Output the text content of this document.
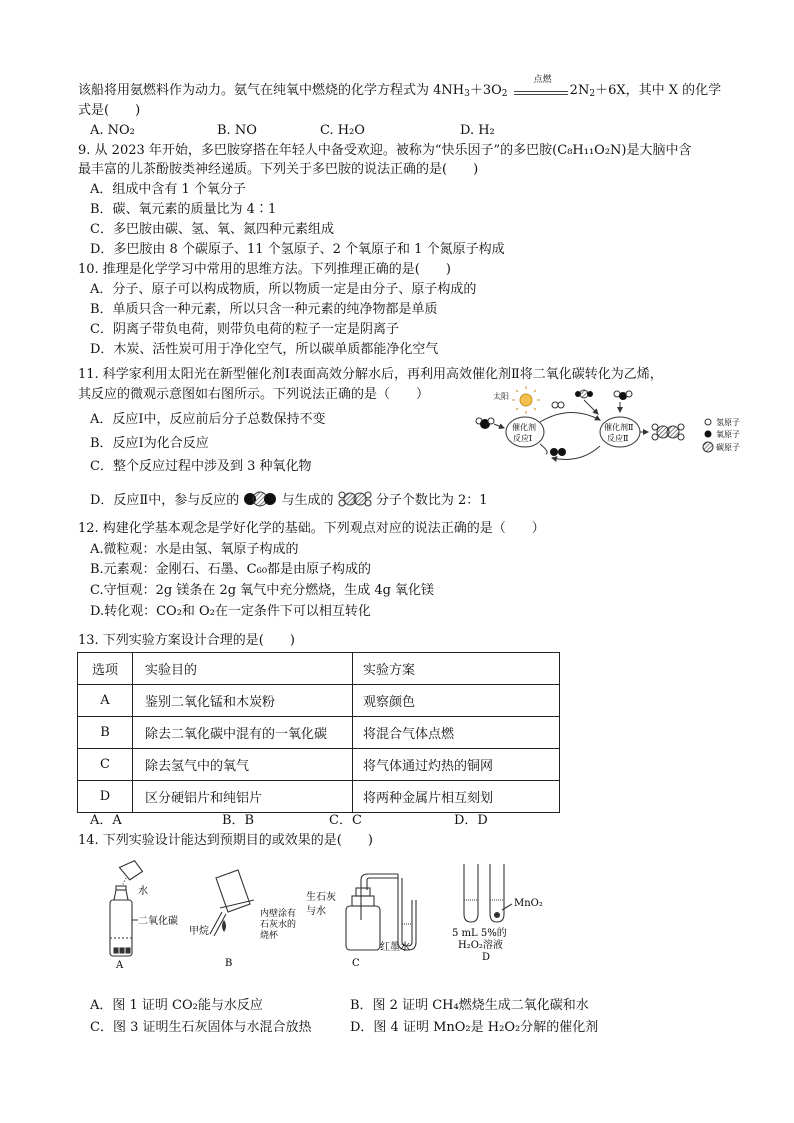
该船将用氨燃料作为动力。氨气在纯氧中燃烧的化学方程式为 $4NH_3+3O_2$
点燃
$2N_2+6X$，其中 X 的化学
式是(　　)
A. NO₂	B. NO	C. H₂O	D. H₂
9. 从 2023 年开始，多巴胺穿搭在年轻人中备受欢迎。被称为“快乐因子”的多巴胺(C₈H₁₁O₂N)是大脑中含
最丰富的儿茶酚胺类神经递质。下列关于多巴胺的说法正确的是(　　)
A．组成中含有 1 个氧分子
B．碳、氧元素的质量比为 4∶1
C．多巴胺由碳、氢、氧、氮四种元素组成
D．多巴胺由 8 个碳原子、11 个氢原子、2 个氧原子和 1 个氮原子构成
10. 推理是化学学习中常用的思维方法。下列推理正确的是(　　)
A．分子、原子可以构成物质，所以物质一定是由分子、原子构成的
B．单质只含一种元素，所以只含一种元素的纯净物都是单质
C．阴离子带负电荷，则带负电荷的粒子一定是阴离子
D．木炭、活性炭可用于净化空气，所以碳单质都能净化空气
11. 科学家利用太阳光在新型催化剂Ⅰ表面高效分解水后，再利用高效催化剂Ⅱ将二氧化碳转化为乙烯，
其反应的微观示意图如右图所示。下列说法正确的是（　　）
A．反应Ⅰ中，反应前后分子总数保持不变
B．反应Ⅰ为化合反应
C．整个反应过程中涉及到 3 种氧化物
D．反应Ⅱ中，参与反应的	与生成的	分子个数比为 2：1
太阳
催化剂
反应Ⅰ
催化剂Ⅱ
反应Ⅱ
氢原子
氧原子
碳原子
12. 构建化学基本观念是学好化学的基础。下列观点对应的说法正确的是（　　）
A.微粒观：水是由氢、氧原子构成的
B.元素观：金刚石、石墨、C₆₀都是由原子构成的
C.守恒观：2g 镁条在 2g 氧气中充分燃烧，生成 4g 氧化镁
D.转化观：CO₂和 O₂在一定条件下可以相互转化
13. 下列实验方案设计合理的是(　　)
选项	实验目的	实验方案
A	鉴别二氧化锰和木炭粉	观察颜色
B	除去二氧化碳中混有的一氧化碳	将混合气体点燃
C	除去氢气中的氧气	将气体通过灼热的铜网
D	区分硬铝片和纯铝片	将两种金属片相互刻划
A．A	B．B	C．C	D．D
14. 下列实验设计能达到预期目的或效果的是(　　)
水
二氧化碳
A
甲烷
内壁涂有
石灰水的
烧杯
B
生石灰
与水
红墨水
C
MnO₂
5 mL 5%的
H₂O₂溶液
D
A．图 1 证明 CO₂能与水反应	B．图 2 证明 CH₄燃烧生成二氧化碳和水
C．图 3 证明生石灰固体与水混合放热	D．图 4 证明 MnO₂是 H₂O₂分解的催化剂
